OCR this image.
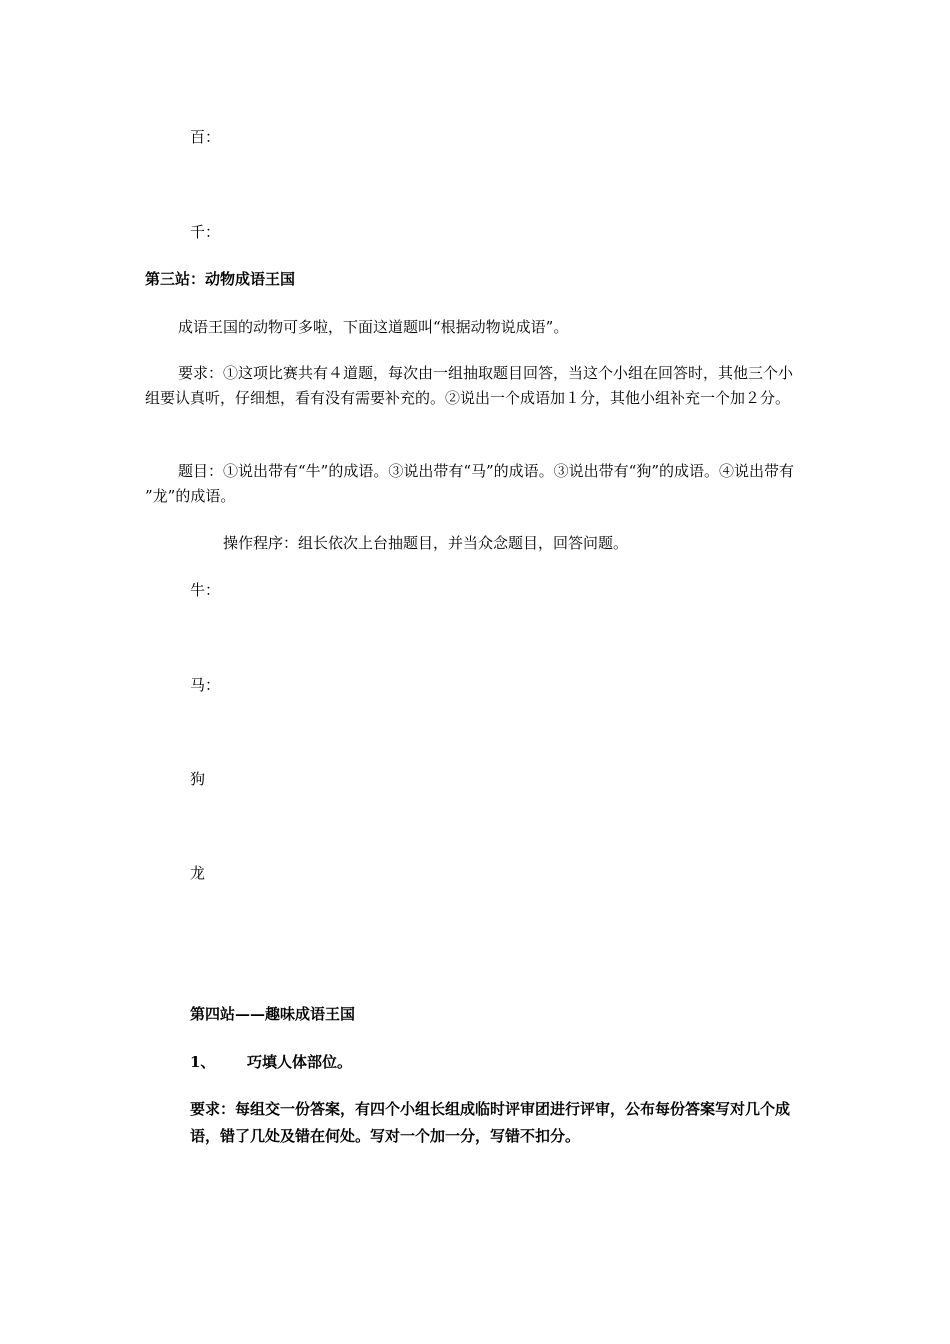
百：
千：
第三站：动物成语王国
成语王国的动物可多啦，下面这道题叫“根据动物说成语”。
要求：①这项比赛共有４道题，每次由一组抽取题目回答，当这个小组在回答时，其他三个小组要认真听，仔细想，看有没有需要补充的。②说出一个成语加１分，其他小组补充一个加２分。
题目：①说出带有“牛”的成语。③说出带有“马”的成语。③说出带有“狗”的成语。④说出带有 ”龙”的成语。
操作程序：组长依次上台抽题目，并当众念题目，回答问题。
牛：
马：
狗
龙
第四站——趣味成语王国
1、 巧填人体部位。
要求：每组交一份答案，有四个小组长组成临时评审团进行评审，公布每份答案写对几个成语，错了几处及错在何处。写对一个加一分，写错不扣分。
